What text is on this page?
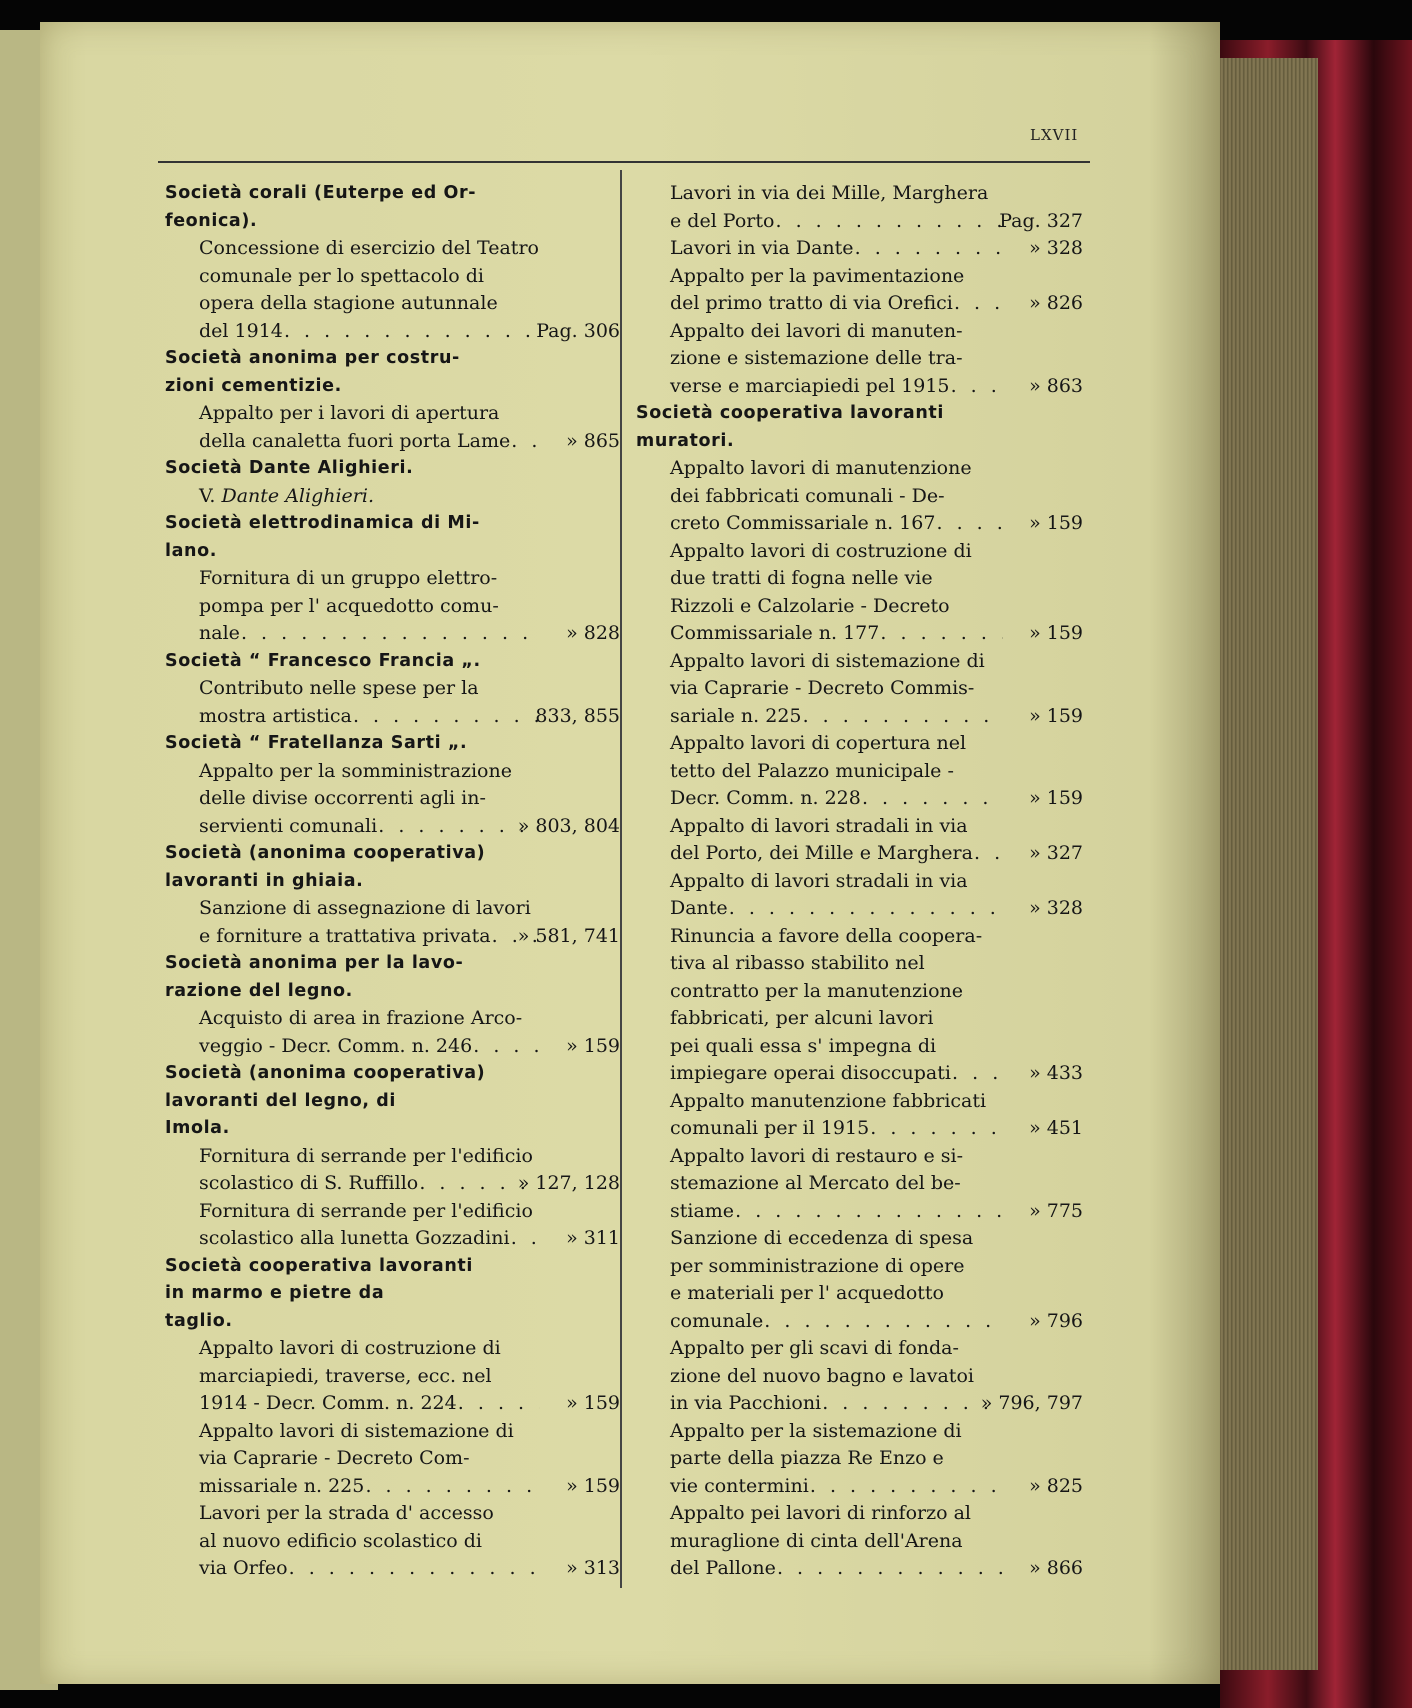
LXVII
Società corali (Euterpe ed Or-
feonica).
Concessione di esercizio del Teatro
comunale per lo spettacolo di
opera della stagione autunnale
del 1914 . . .	Pag. 306
Società anonima per costru-
zioni cementizie.
Appalto per i lavori di apertura
della canaletta fuori porta Lame . . .	» 865
Società Dante Alighieri.
V. Dante Alighieri.
Società elettrodinamica di Mi-
lano.
Fornitura di un gruppo elettro-
pompa per l' acquedotto comu-
nale . . .	» 828
Società “ Francesco Francia „.
Contributo nelle spese per la
mostra artistica . . .	833, 855
Società “ Fratellanza Sarti „.
Appalto per la somministrazione
delle divise occorrenti agli in-
servienti comunali . . .	» 803, 804
Società (anonima cooperativa)
lavoranti in ghiaia.
Sanzione di assegnazione di lavori
e forniture a trattativa privata . . . » 581, 741
Società anonima per la lavo-
razione del legno.
Acquisto di area in frazione Arco-
veggio - Decr. Comm. n. 246 . . .	» 159
Società (anonima cooperativa)
lavoranti del legno, di
Imola.
Fornitura di serrande per l'edificio
scolastico di S. Ruffillo . . .	» 127, 128
Fornitura di serrande per l'edificio
scolastico alla lunetta Gozzadini . . .	» 311
Società cooperativa lavoranti
in marmo e pietre da
taglio.
Appalto lavori di costruzione di
marciapiedi, traverse, ecc. nel
1914 - Decr. Comm. n. 224 . . .	» 159
Appalto lavori di sistemazione di
via Caprarie - Decreto Com-
missariale n. 225 . . .	» 159
Lavori per la strada d' accesso
al nuovo edificio scolastico di
via Orfeo . . .	» 313
Lavori in via dei Mille, Marghera
e del Porto . . .	Pag. 327
Lavori in via Dante . . .	» 328
Appalto per la pavimentazione
del primo tratto di via Orefici . . .	» 826
Appalto dei lavori di manuten-
zione e sistemazione delle tra-
verse e marciapiedi pel 1915 . . .	» 863
Società cooperativa lavoranti
muratori.
Appalto lavori di manutenzione
dei fabbricati comunali - De-
creto Commissariale n. 167 . . .	» 159
Appalto lavori di costruzione di
due tratti di fogna nelle vie
Rizzoli e Calzolarie - Decreto
Commissariale n. 177 . . .	» 159
Appalto lavori di sistemazione di
via Caprarie - Decreto Commis-
sariale n. 225 . . .	» 159
Appalto lavori di copertura nel
tetto del Palazzo municipale -
Decr. Comm. n. 228 . . .	» 159
Appalto di lavori stradali in via
del Porto, dei Mille e Marghera . . .	» 327
Appalto di lavori stradali in via
Dante . . .	» 328
Rinuncia a favore della coopera-
tiva al ribasso stabilito nel
contratto per la manutenzione
fabbricati, per alcuni lavori
pei quali essa s' impegna di
impiegare operai disoccupati . . .	» 433
Appalto manutenzione fabbricati
comunali per il 1915 . . .	» 451
Appalto lavori di restauro e si-
stemazione al Mercato del be-
stiame . . .	» 775
Sanzione di eccedenza di spesa
per somministrazione di opere
e materiali per l' acquedotto
comunale . . .	» 796
Appalto per gli scavi di fonda-
zione del nuovo bagno e lavatoi
in via Pacchioni . . .	» 796, 797
Appalto per la sistemazione di
parte della piazza Re Enzo e
vie contermini . . .	» 825
Appalto pei lavori di rinforzo al
muraglione di cinta dell'Arena
del Pallone . . .	» 866
